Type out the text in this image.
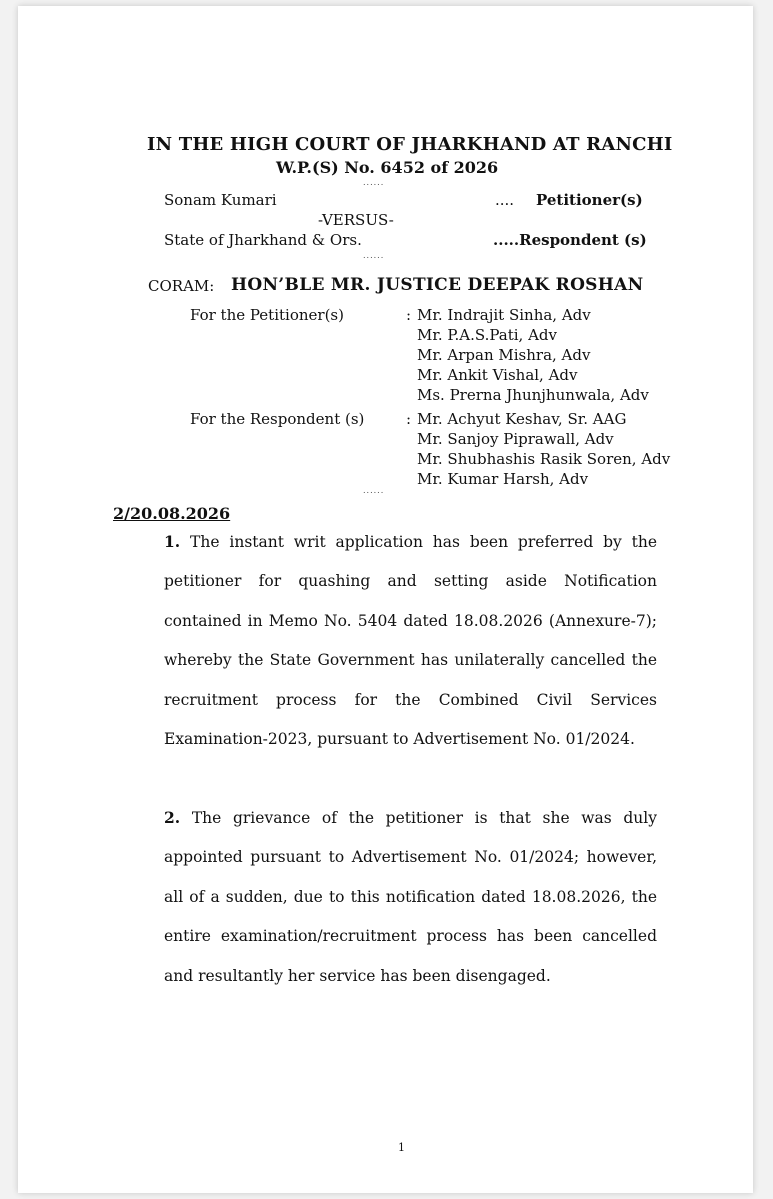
IN THE HIGH COURT OF JHARKHAND AT RANCHI
W.P.(S) No. 6452 of 2026
......
Sonam Kumari	.... Petitioner(s)
-VERSUS-
State of Jharkhand & Ors.	.....Respondent (s)
......
CORAM: HON’BLE MR. JUSTICE DEEPAK ROSHAN
For the Petitioner(s)	: Mr. Indrajit Sinha, Adv
Mr. P.A.S.Pati, Adv
Mr. Arpan Mishra, Adv
Mr. Ankit Vishal, Adv
Ms. Prerna Jhunjhunwala, Adv
For the Respondent (s)	: Mr. Achyut Keshav, Sr. AAG
Mr. Sanjoy Piprawall, Adv
Mr. Shubhashis Rasik Soren, Adv
Mr. Kumar Harsh, Adv
......
2/20.08.2026
1. The instant writ application has been preferred by the petitioner for quashing and setting aside Notification contained in Memo No. 5404 dated 18.08.2026 (Annexure-7); whereby the State Government has unilaterally cancelled the recruitment process for the Combined Civil Services Examination-2023, pursuant to Advertisement No. 01/2024.
2. The grievance of the petitioner is that she was duly appointed pursuant to Advertisement No. 01/2024; however, all of a sudden, due to this notification dated 18.08.2026, the entire examination/recruitment process has been cancelled and resultantly her service has been disengaged.
1
